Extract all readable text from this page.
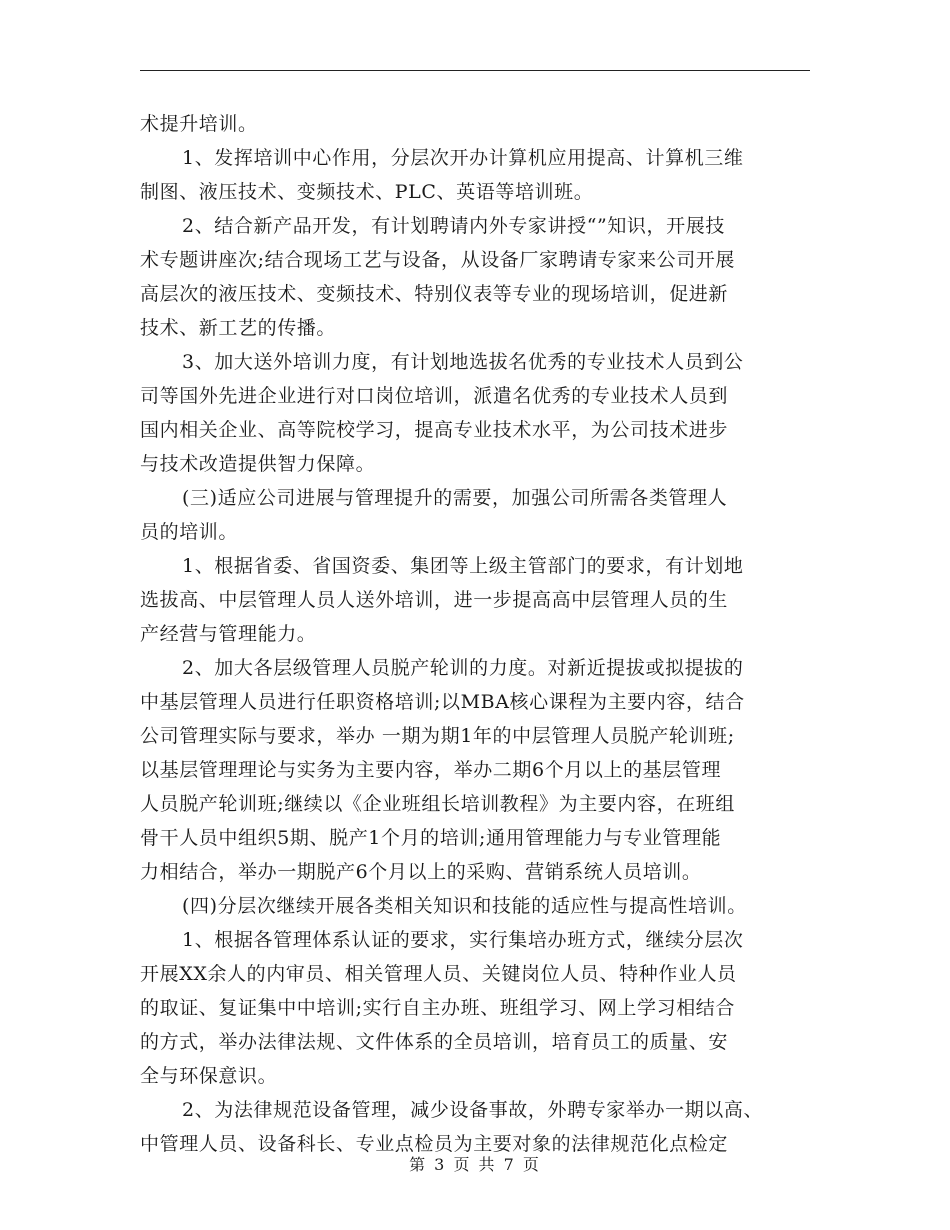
术提升培训。
1、发挥培训中心作用，分层次开办计算机应用提高、计算机三维
制图、液压技术、变频技术、PLC、英语等培训班。
2、结合新产品开发，有计划聘请内外专家讲授“”知识，开展技
术专题讲座次;结合现场工艺与设备，从设备厂家聘请专家来公司开展
高层次的液压技术、变频技术、特别仪表等专业的现场培训，促进新
技术、新工艺的传播。
3、加大送外培训力度，有计划地选拔名优秀的专业技术人员到公
司等国外先进企业进行对口岗位培训，派遣名优秀的专业技术人员到
国内相关企业、高等院校学习，提高专业技术水平，为公司技术进步
与技术改造提供智力保障。
(三)适应公司进展与管理提升的需要，加强公司所需各类管理人
员的培训。
1、根据省委、省国资委、集团等上级主管部门的要求，有计划地
选拔高、中层管理人员人送外培训，进一步提高高中层管理人员的生
产经营与管理能力。
2、加大各层级管理人员脱产轮训的力度。对新近提拔或拟提拔的
中基层管理人员进行任职资格培训;以MBA核心课程为主要内容，结合
公司管理实际与要求，举办 一期为期1年的中层管理人员脱产轮训班;
以基层管理理论与实务为主要内容，举办二期6个月以上的基层管理
人员脱产轮训班;继续以《企业班组长培训教程》为主要内容，在班组
骨干人员中组织5期、脱产1个月的培训;通用管理能力与专业管理能
力相结合，举办一期脱产6个月以上的采购、营销系统人员培训。
(四)分层次继续开展各类相关知识和技能的适应性与提高性培训。
1、根据各管理体系认证的要求，实行集培办班方式，继续分层次
开展XX余人的内审员、相关管理人员、关键岗位人员、特种作业人员
的取证、复证集中中培训;实行自主办班、班组学习、网上学习相结合
的方式，举办法律法规、文件体系的全员培训，培育员工的质量、安
全与环保意识。
2、为法律规范设备管理，减少设备事故，外聘专家举办一期以高、
中管理人员、设备科长、专业点检员为主要对象的法律规范化点检定
第 3 页 共 7 页
